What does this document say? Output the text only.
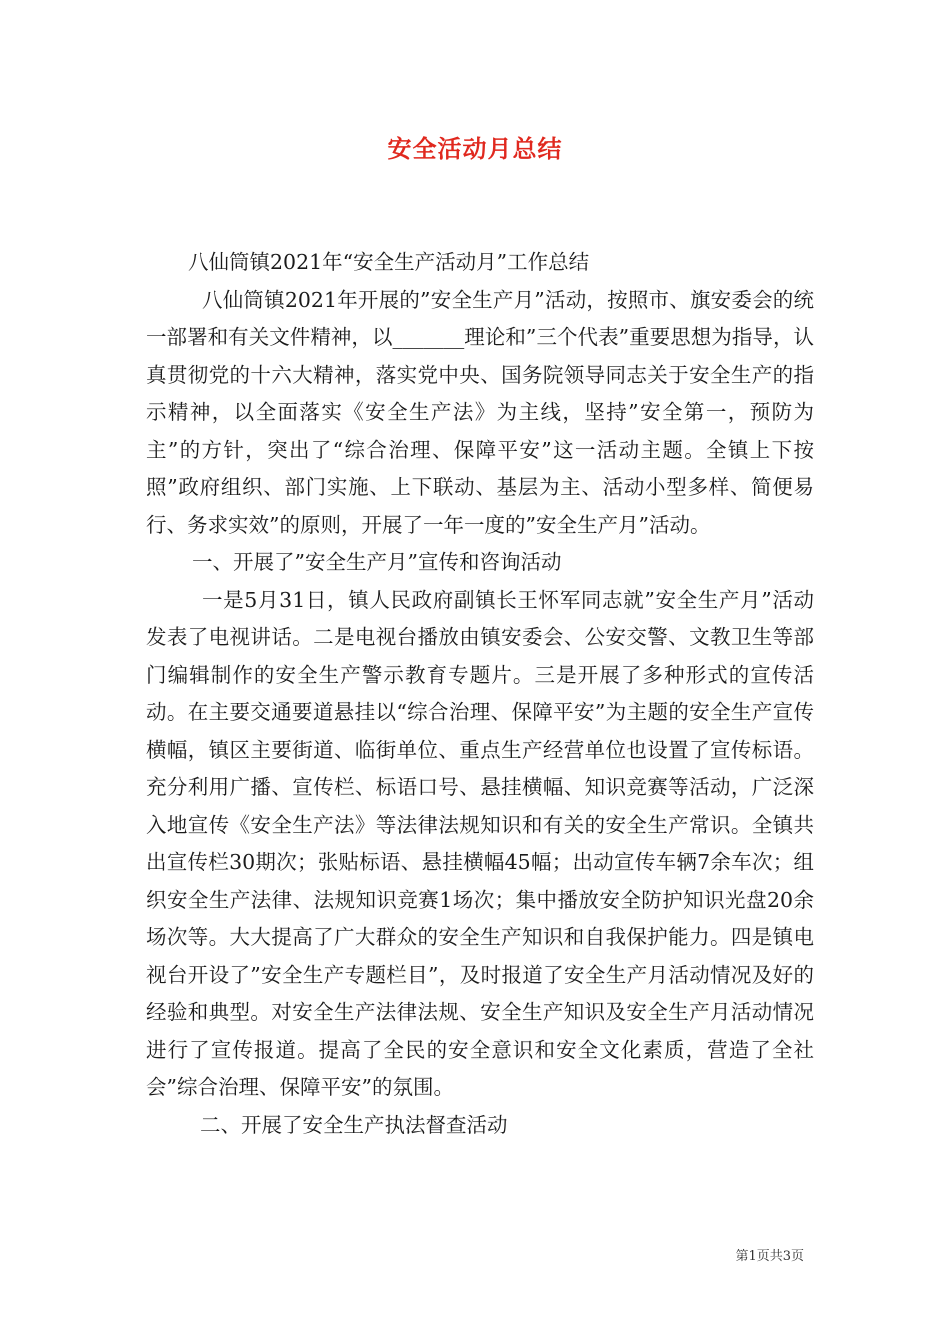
安全活动月总结

八仙筒镇2021年“安全生产活动月”工作总结

八仙筒镇2021年开展的”安全生产月”活动，按照市、旗安委会的统一部署和有关文件精神，以_______理论和”三个代表”重要思想为指导，认真贯彻党的十六大精神，落实党中央、国务院领导同志关于安全生产的指示精神，以全面落实《安全生产法》为主线，坚持”安全第一，预防为主”的方针，突出了“综合治理、保障平安”这一活动主题。全镇上下按照”政府组织、部门实施、上下联动、基层为主、活动小型多样、简便易行、务求实效”的原则，开展了一年一度的”安全生产月”活动。

一、开展了”安全生产月”宣传和咨询活动

一是5月31日，镇人民政府副镇长王怀军同志就”安全生产月”活动发表了电视讲话。二是电视台播放由镇安委会、公安交警、文教卫生等部门编辑制作的安全生产警示教育专题片。三是开展了多种形式的宣传活动。在主要交通要道悬挂以“综合治理、保障平安”为主题的安全生产宣传横幅，镇区主要街道、临街单位、重点生产经营单位也设置了宣传标语。充分利用广播、宣传栏、标语口号、悬挂横幅、知识竞赛等活动，广泛深入地宣传《安全生产法》等法律法规知识和有关的安全生产常识。全镇共出宣传栏30期次；张贴标语、悬挂横幅45幅；出动宣传车辆7余车次；组织安全生产法律、法规知识竞赛1场次；集中播放安全防护知识光盘20余场次等。大大提高了广大群众的安全生产知识和自我保护能力。四是镇电视台开设了”安全生产专题栏目”，及时报道了安全生产月活动情况及好的经验和典型。对安全生产法律法规、安全生产知识及安全生产月活动情况进行了宣传报道。提高了全民的安全意识和安全文化素质，营造了全社会”综合治理、保障平安”的氛围。

二、开展了安全生产执法督查活动

第1页共3页
